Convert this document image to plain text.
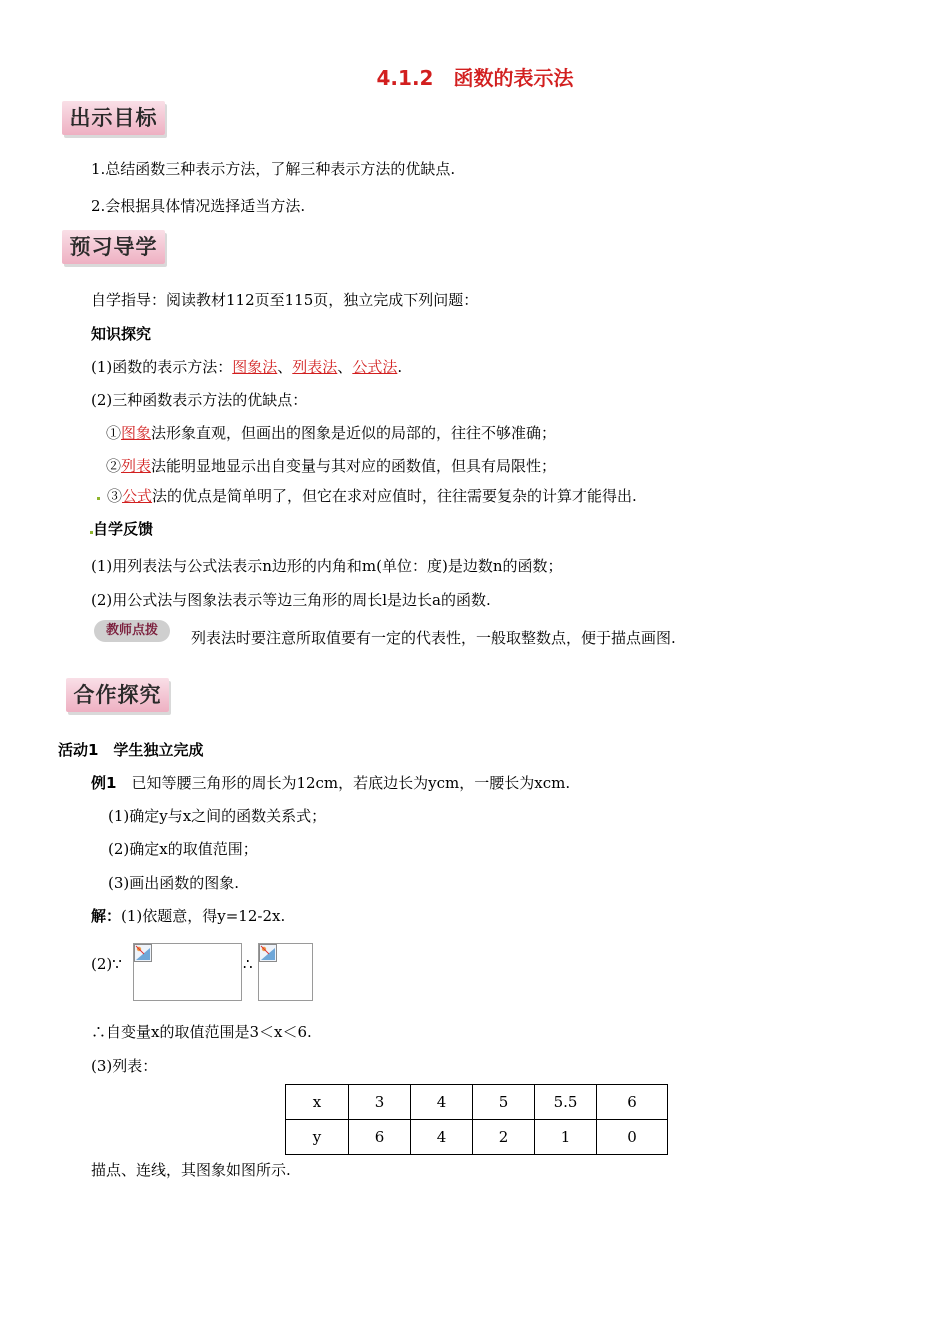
4.1.2　函数的表示法
出示目标
1.总结函数三种表示方法，了解三种表示方法的优缺点.
2.会根据具体情况选择适当方法.
预习导学
自学指导：阅读教材112页至115页，独立完成下列问题：
知识探究
(1)函数的表示方法：图象法、列表法、公式法.
(2)三种函数表示方法的优缺点：
①图象法形象直观，但画出的图象是近似的局部的，往往不够准确；
②列表法能明显地显示出自变量与其对应的函数值，但具有局限性；
③公式法的优点是简单明了，但它在求对应值时，往往需要复杂的计算才能得出.
自学反馈
(1)用列表法与公式法表示n边形的内角和m(单位：度)是边数n的函数；
(2)用公式法与图象法表示等边三角形的周长l是边长a的函数.
教师点拨	列表法时要注意所取值要有一定的代表性，一般取整数点，便于描点画图.
合作探究
活动1　学生独立完成
例1　已知等腰三角形的周长为12cm，若底边长为ycm，一腰长为xcm.
(1)确定y与x之间的函数关系式；
(2)确定x的取值范围；
(3)画出函数的图象.
解：(1)依题意，得y=12-2x.
(2)∵	∴
∴自变量x的取值范围是3＜x＜6.
(3)列表：
x	3	4	5	5.5	6
y	6	4	2	1	0
描点、连线，其图象如图所示.
